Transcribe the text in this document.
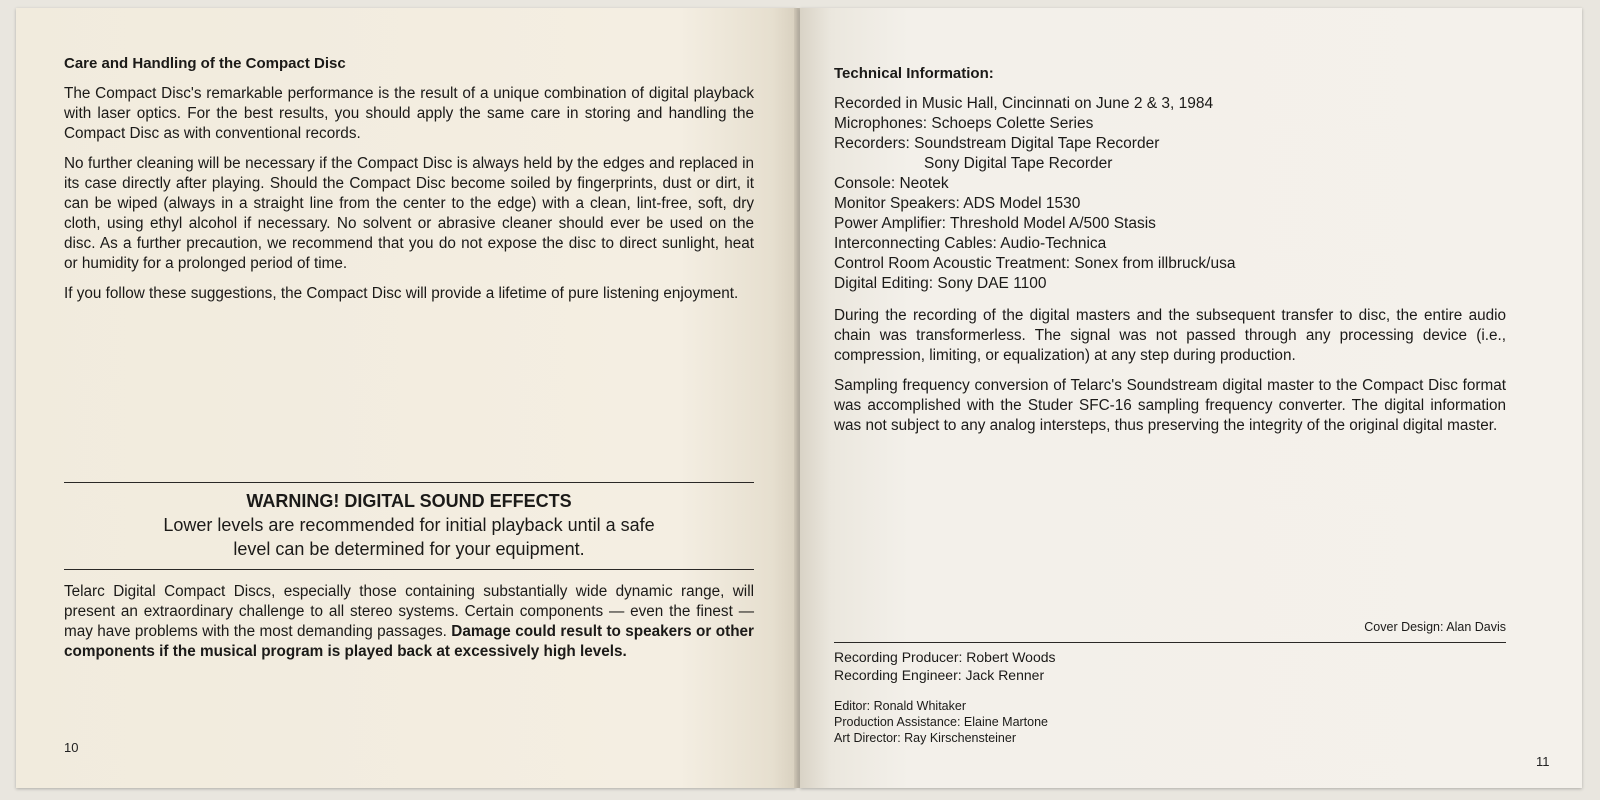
Care and Handling of the Compact Disc

The Compact Disc's remarkable performance is the result of a unique combination of digital playback with laser optics. For the best results, you should apply the same care in storing and handling the Compact Disc as with conventional records.

No further cleaning will be necessary if the Compact Disc is always held by the edges and replaced in its case directly after playing. Should the Compact Disc become soiled by fingerprints, dust or dirt, it can be wiped (always in a straight line from the center to the edge) with a clean, lint-free, soft, dry cloth, using ethyl alcohol if necessary. No solvent or abrasive cleaner should ever be used on the disc. As a further precaution, we recommend that you do not expose the disc to direct sunlight, heat or humidity for a prolonged period of time.

If you follow these suggestions, the Compact Disc will provide a lifetime of pure listening enjoyment.

WARNING! DIGITAL SOUND EFFECTS
Lower levels are recommended for initial playback until a safe level can be determined for your equipment.

Telarc Digital Compact Discs, especially those containing substantially wide dynamic range, will present an extraordinary challenge to all stereo systems. Certain components — even the finest — may have problems with the most demanding passages. Damage could result to speakers or other components if the musical program is played back at excessively high levels.

10
Technical Information:
Recorded in Music Hall, Cincinnati on June 2 & 3, 1984
Microphones: Schoeps Colette Series
Recorders: Soundstream Digital Tape Recorder
Sony Digital Tape Recorder
Console: Neotek
Monitor Speakers: ADS Model 1530
Power Amplifier: Threshold Model A/500 Stasis
Interconnecting Cables: Audio-Technica
Control Room Acoustic Treatment: Sonex from illbruck/usa
Digital Editing: Sony DAE 1100

During the recording of the digital masters and the subsequent transfer to disc, the entire audio chain was transformerless. The signal was not passed through any processing device (i.e., compression, limiting, or equalization) at any step during production.

Sampling frequency conversion of Telarc's Soundstream digital master to the Compact Disc format was accomplished with the Studer SFC-16 sampling frequency converter. The digital information was not subject to any analog intersteps, thus preserving the integrity of the original digital master.

Cover Design: Alan Davis
Recording Producer: Robert Woods
Recording Engineer: Jack Renner
Editor: Ronald Whitaker
Production Assistance: Elaine Martone
Art Director: Ray Kirschensteiner
11
